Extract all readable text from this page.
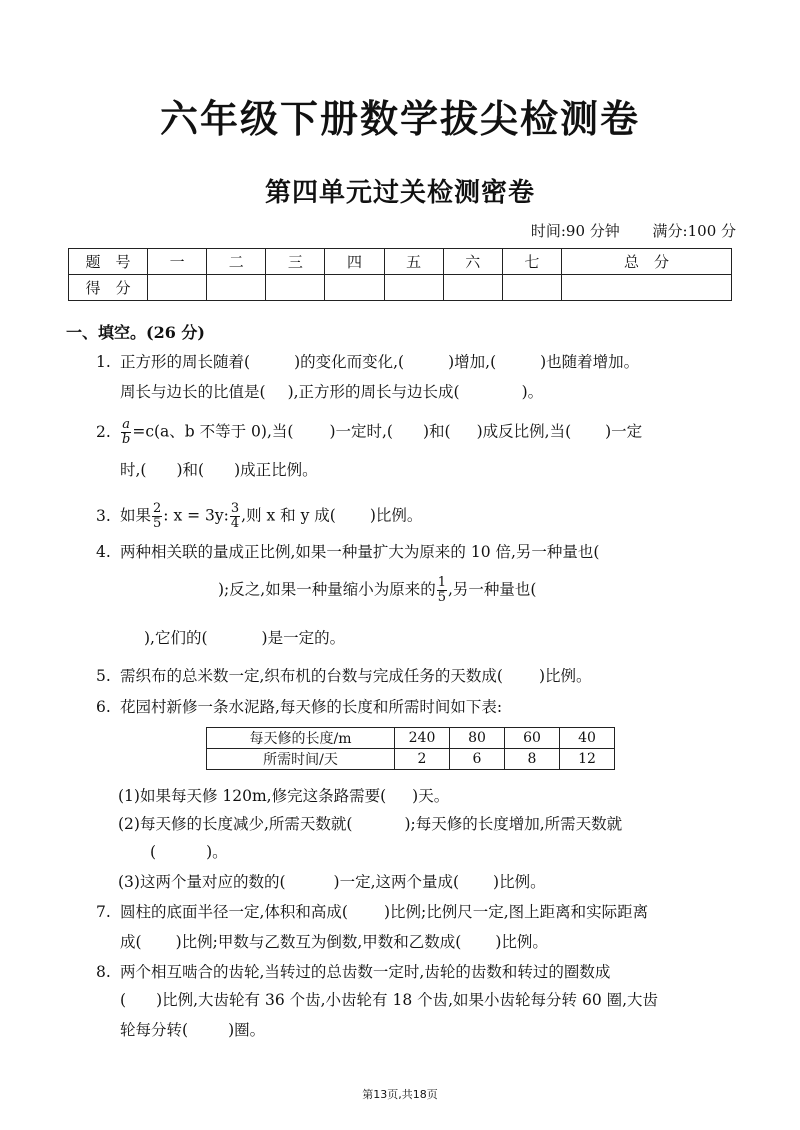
六年级下册数学拔尖检测卷
第四单元过关检测密卷
时间:90 分钟 满分:100 分
题　号	一	二	三	四	五	六	七	总　分
得　分								
一、填空。(26 分)
1. 正方形的周长随着(	)的变化而变化,(	)增加,(	)也随着增加。
周长与边长的比值是( ),正方形的周长与边长成(	)。
2. $\frac{a}{b} =c(a$、b 不等于 0),当( )一定时,( )和( )成反比例,当( )一定
时,( )和( )成正比例。
3. 如果 $\frac{2}{5}$ : x = 3y: $\frac{3}{4}$ ,则 x 和 y 成( )比例。
4. 两种相关联的量成正比例,如果一种量扩大为原来的 10 倍,另一种量也(
);反之,如果一种量缩小为原来的 $\frac{1}{5}$ ,另一种量也(
),它们的(	)是一定的。
5. 需织布的总米数一定,织布机的台数与完成任务的天数成( )比例。
6. 花园村新修一条水泥路,每天修的长度和所需时间如下表:
每天修的长度/m	240	80	60	40
所需时间/天	2	6	8	12
(1)如果每天修 120m,修完这条路需要( )天。
(2)每天修的长度减少,所需天数就(	);每天修的长度增加,所需天数就
(	)。
(3)这两个量对应的数的(	)一定,这两个量成( )比例。
7. 圆柱的底面半径一定,体积和高成( )比例;比例尺一定,图上距离和实际距离
成( )比例;甲数与乙数互为倒数,甲数和乙数成( )比例。
8. 两个相互啮合的齿轮,当转过的总齿数一定时,齿轮的齿数和转过的圈数成
( )比例,大齿轮有 36 个齿,小齿轮有 18 个齿,如果小齿轮每分转 60 圈,大齿
轮每分转(	)圈。
第13页,共18页
